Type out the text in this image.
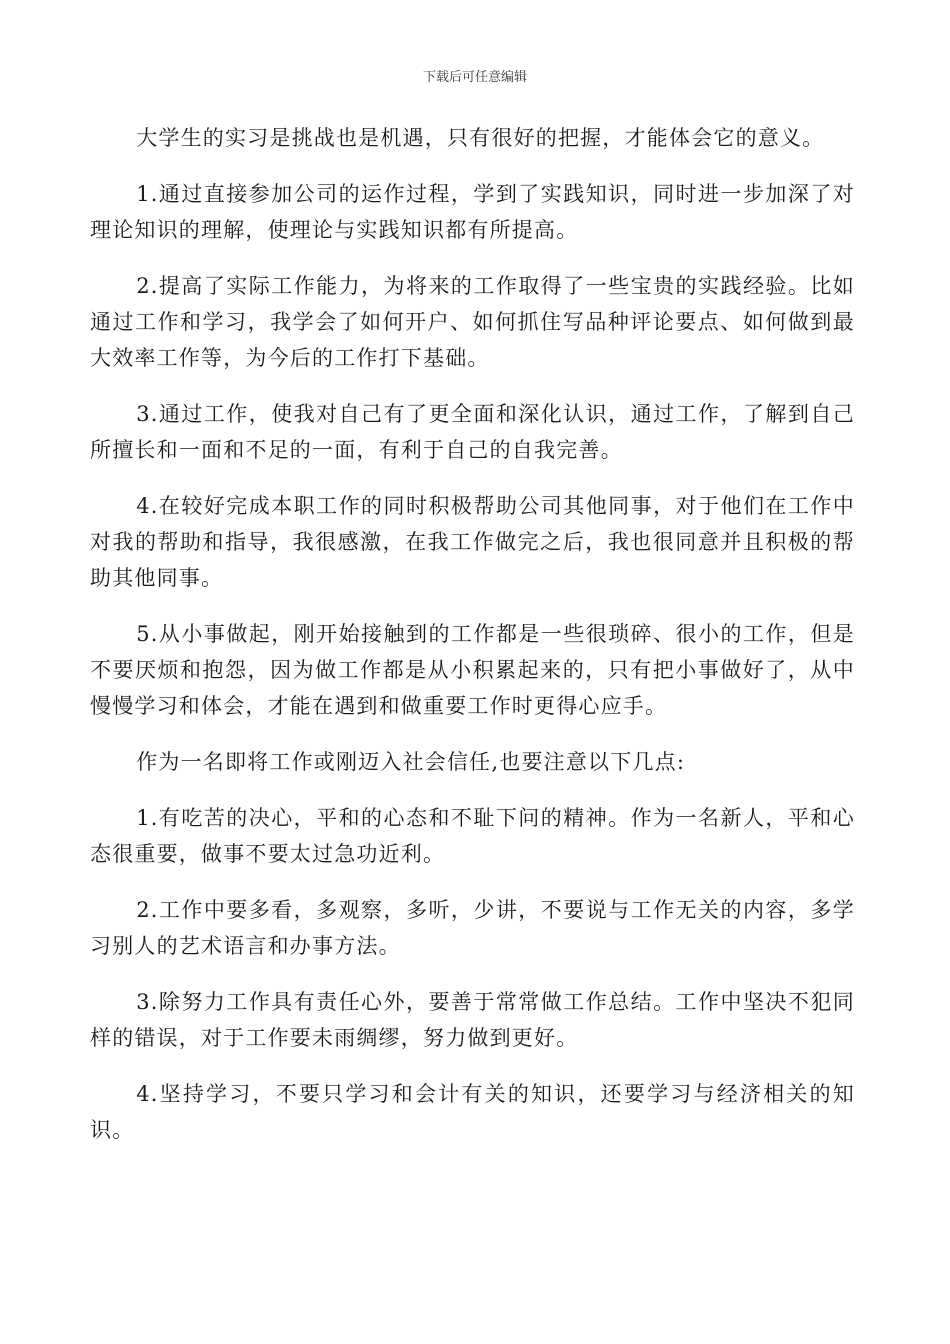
下载后可任意编辑

大学生的实习是挑战也是机遇，只有很好的把握，才能体会它的意义。

1.通过直接参加公司的运作过程，学到了实践知识，同时进一步加深了对理论知识的理解，使理论与实践知识都有所提高。

2.提高了实际工作能力，为将来的工作取得了一些宝贵的实践经验。比如通过工作和学习，我学会了如何开户、如何抓住写品种评论要点、如何做到最大效率工作等，为今后的工作打下基础。

3.通过工作，使我对自己有了更全面和深化认识，通过工作，了解到自己所擅长和一面和不足的一面，有利于自己的自我完善。

4.在较好完成本职工作的同时积极帮助公司其他同事，对于他们在工作中对我的帮助和指导，我很感激，在我工作做完之后，我也很同意并且积极的帮助其他同事。

5.从小事做起，刚开始接触到的工作都是一些很琐碎、很小的工作，但是不要厌烦和抱怨，因为做工作都是从小积累起来的，只有把小事做好了，从中慢慢学习和体会，才能在遇到和做重要工作时更得心应手。

作为一名即将工作或刚迈入社会信任,也要注意以下几点:

1.有吃苦的决心，平和的心态和不耻下问的精神。作为一名新人，平和心态很重要，做事不要太过急功近利。

2.工作中要多看，多观察，多听，少讲，不要说与工作无关的内容，多学习别人的艺术语言和办事方法。

3.除努力工作具有责任心外，要善于常常做工作总结。工作中坚决不犯同样的错误，对于工作要未雨绸缪，努力做到更好。

4.坚持学习，不要只学习和会计有关的知识，还要学习与经济相关的知识。
